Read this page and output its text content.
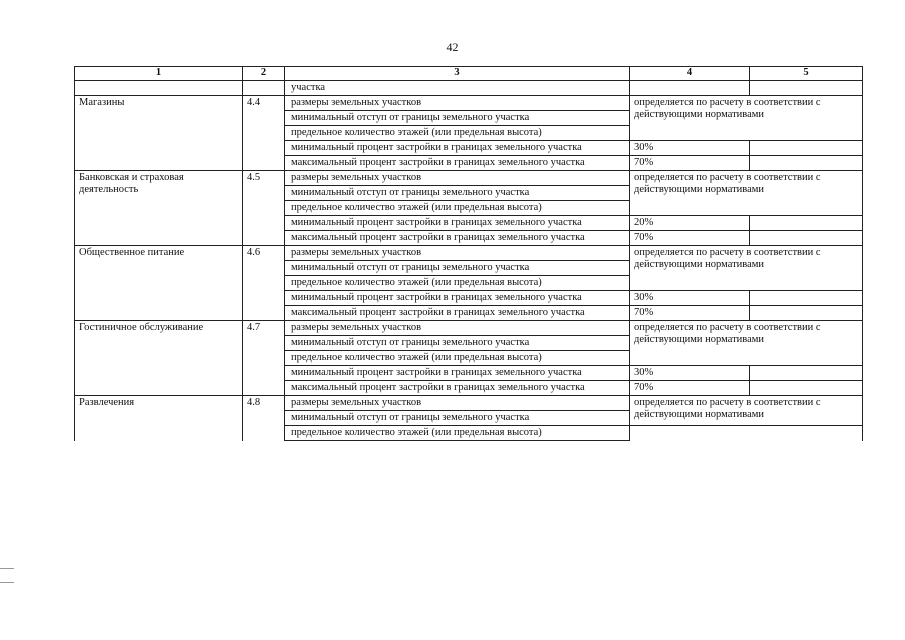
42
1	2	3	4	5
		участка		
Магазины	4.4	размеры земельных участков	определяется по расчету в соответствии с действующими нормативами	
		минимальный отступ от границы земельного участка		
		предельное количество этажей (или предельная высота)		
		минимальный процент застройки в границах земельного участка	30%	
		максимальный процент застройки в границах земельного участка	70%	
Банковская и страховая деятельность	4.5	размеры земельных участков	определяется по расчету в соответствии с действующими нормативами	
		минимальный отступ от границы земельного участка		
		предельное количество этажей (или предельная высота)		
		минимальный процент застройки в границах земельного участка	20%	
		максимальный процент застройки в границах земельного участка	70%	
Общественное питание	4.6	размеры земельных участков	определяется по расчету в соответствии с действующими нормативами	
		минимальный отступ от границы земельного участка		
		предельное количество этажей (или предельная высота)		
		минимальный процент застройки в границах земельного участка	30%	
		максимальный процент застройки в границах земельного участка	70%	
Гостиничное обслуживание	4.7	размеры земельных участков	определяется по расчету в соответствии с действующими нормативами	
		минимальный отступ от границы земельного участка		
		предельное количество этажей (или предельная высота)		
		минимальный процент застройки в границах земельного участка	30%	
		максимальный процент застройки в границах земельного участка	70%	
Развлечения	4.8	размеры земельных участков	определяется по расчету в соответствии с действующими нормативами	
		минимальный отступ от границы земельного участка		
		предельное количество этажей (или предельная высота)		
